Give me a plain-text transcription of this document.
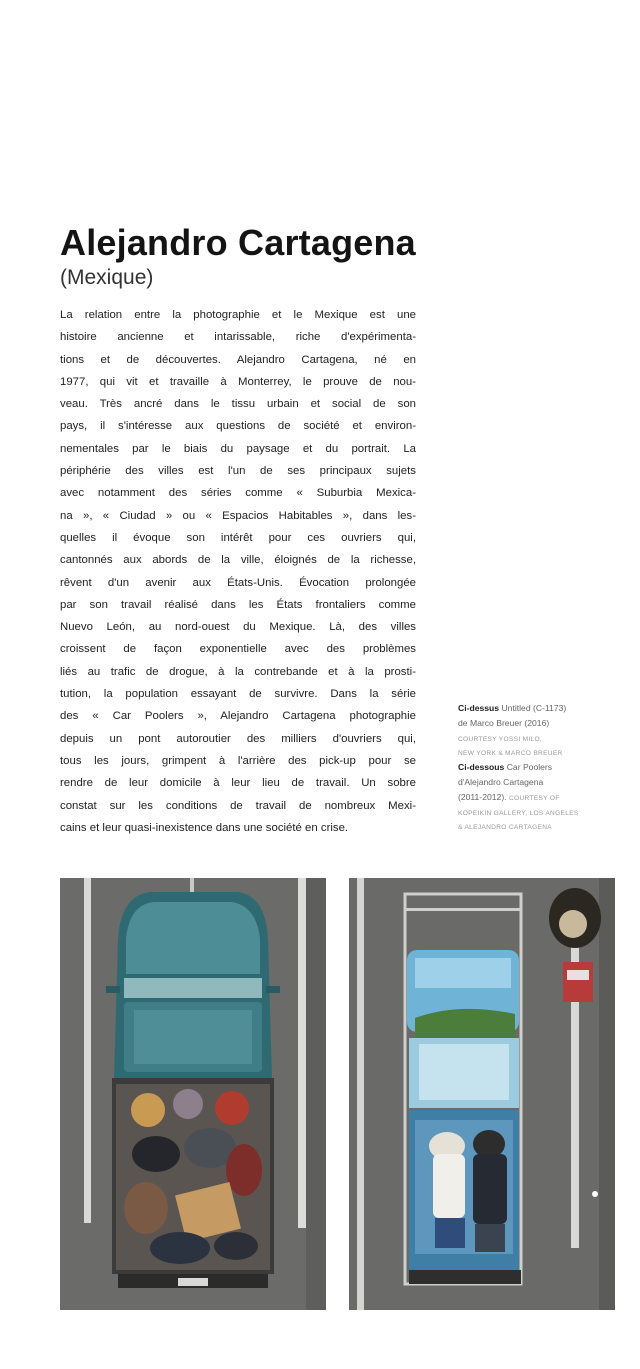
Alejandro Cartagena
(Mexique)
La relation entre la photographie et le Mexique est une
histoire ancienne et intarissable, riche d'expérimenta-
tions et de découvertes. Alejandro Cartagena, né en
1977, qui vit et travaille à Monterrey, le prouve de nou-
veau. Très ancré dans le tissu urbain et social de son
pays, il s'intéresse aux questions de société et environ-
nementales par le biais du paysage et du portrait. La
périphérie des villes est l'un de ses principaux sujets
avec notamment des séries comme « Suburbia Mexica-
na », « Ciudad » ou « Espacios Habitables », dans les-
quelles il évoque son intérêt pour ces ouvriers qui,
cantonnés aux abords de la ville, éloignés de la richesse,
rêvent d'un avenir aux États-Unis. Évocation prolongée
par son travail réalisé dans les États frontaliers comme
Nuevo León, au nord-ouest du Mexique. Là, des villes
croissent de façon exponentielle avec des problèmes
liés au trafic de drogue, à la contrebande et à la prosti-
tution, la population essayant de survivre. Dans la série
des « Car Poolers », Alejandro Cartagena photographie
depuis un pont autoroutier des milliers d'ouvriers qui,
tous les jours, grimpent à l'arrière des pick-up pour se
rendre de leur domicile à leur lieu de travail. Un sobre
constat sur les conditions de travail de nombreux Mexi-
cains et leur quasi-inexistence dans une société en crise.
Ci-dessus Untitled (C-1173)
de Marco Breuer (2016)
COURTESY YOSSI MILO,
NEW YORK & MARCO BREUER
Ci-dessous Car Poolers
d'Alejandro Cartagena
(2011-2012). COURTESY OF
KOPEIKIN GALLERY, LOS ANGELES
& ALEJANDRO CARTAGENA
